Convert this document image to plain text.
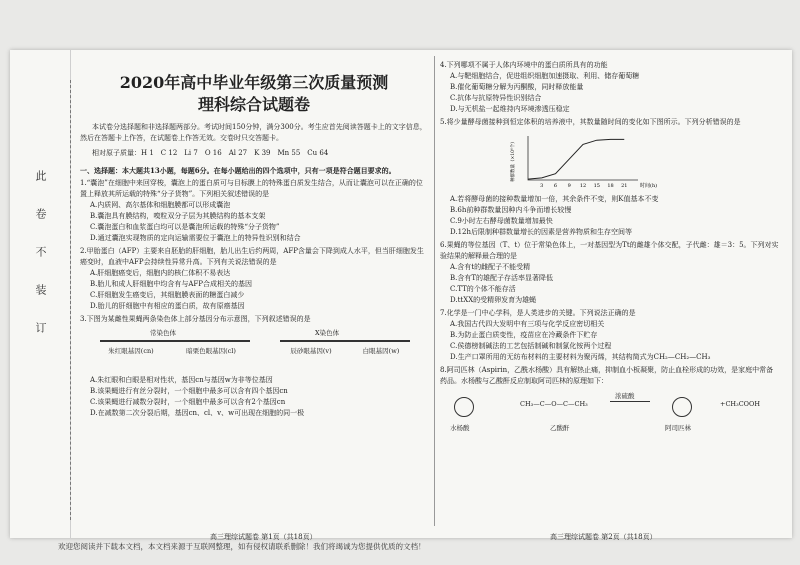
此　卷　不　装　订
2020年高中毕业年级第三次质量预测
理科综合试题卷

本试卷分选择题和非选择题两部分。考试时间150分钟，满分300分。考生应首先阅读答题卡上的文字信息，然后在答题卡上作答，在试题卷上作答无效。交卷时只交答题卡。

相对原子质量：H 1　C 12　Li 7　O 16　Al 27　K 39　Mn 55　Cu 64

一、选择题：本大题共13小题，每题6分。在每小题给出的四个选项中，只有一项是符合题目要求的。

1.“囊泡”在细胞中来回穿梭，囊泡上的蛋白质可与目标膜上的特殊蛋白质发生结合，从而让囊泡可以在正确的位置上释放其所运载的特殊“分子货物”。下列相关叙述错误的是

A.内质网、高尔基体和细胞膜都可以形成囊泡

B.囊泡具有膜结构，嗅粒双分子层为其膜结构的基本支架

C.囊泡蛋白和血浆蛋白均可以是囊泡所运载的特殊“分子货物”

D.通过囊泡实现物质的定向运输需要位于囊泡上的特异性识别和结合

2.甲胎蛋白（AFP）主要来自胚胎的肝细胞，胎儿出生后约两周，AFP含量会下降到成人水平，但当肝细胞发生癌变时，血液中AFP会持续性异常升高。下列有关说法错误的是

A.肝细胞癌变后，细胞内的核仁体积不易表达

B.胎儿和成人肝细胞中均含有与AFP合成相关的基因

C.肝细胞发生癌变后，其细胞膜表面的糖蛋白减少

D.胎儿的肝细胞中有相应的蛋白质，故有原癌基因

3.下图为某雌性果蝇两条染色体上部分基因分布示意图，下列叙述错误的是

常染色体	X染色体
朱红眼基因(cn)	暗栗色眼基因(cl)	辰砂眼基因(v)	白眼基因(w)

A.朱红眼和白眼是相对性状，基因cn与基因w为非等位基因

B.该果蝇进行有丝分裂时，一个细胞中最多可以含有四个基因cn

C.该果蝇进行减数分裂时，一个细胞中最多可以含有2个基因cn

D.在减数第二次分裂后期，基因cn、cl、v、w可出现在细胞的同一极

高三理综试题卷 第1页（共18页）

4.下列哪项不属于人体内环境中的蛋白质所具有的功能

A.与靶细胞结合，促进组织细胞加速摄取、利用、储存葡萄糖

B.催化葡萄糖分解为丙酮酸，同时释放能量

C.抗体与抗原特异性识别结合

D.与无机盐一起维持内环境渗透压稳定

5.将少量酵母菌接种到恒定体积的培养液中，其数量随时间的变化如下图所示。下列分析错误的是

3 6 9 12 15 18 21	时间(h)
种群数量（×10⁶个）

A.若将酵母菌的接种数量增加一倍，其余条件不变，则K值基本不变

B.6h前种群数量因种内斗争而增长较慢

C.9小时左右酵母菌数量增加最快

D.12h后限制种群数量增长的因素是营养物质和生存空间等

6.果蝇的等位基因（T、t）位于常染色体上，一对基因型为Tt的雌雄个体交配，子代雌：雄＝3：5。下列对实验结果的解释最合理的是

A.含有t的雌配子不能受精

B.含有T的雄配子存活率显著降低

C.TT的个体不能存活

D.ttXX的受精卵发育为雄蝇

7.化学是一门中心学科，是人类进步的关键。下列说法正确的是

A.我国古代四大发明中有三项与化学反应密切相关

B.为防止蛋白质变性，疫苗应在冷藏条件下贮存

C.侯德榜制碱法的工艺包括制碱和制氯化铵两个过程

D.生产口罩所用的无纺布材料的主要材料为聚丙烯，其结构简式为CH₂—CH₂—CH₃

8.阿司匹林（Aspirin，乙酰水杨酸）具有解热止痛，抑制血小板凝聚，防止血栓形成的功效，是家庭中常备药品。水杨酸与乙酸酐反应制取阿司匹林的原理如下：

水杨酸
CH₃—C—O—C—CH₃
乙酸酐
浓硫酸
阿司匹林
+CH₃COOH
高三理综试题卷 第2页（共18页）
欢迎您阅读并下载本文档，本文档来源于互联网整理，如有侵权请联系删除！我们将竭诚为您提供优质的文档！
